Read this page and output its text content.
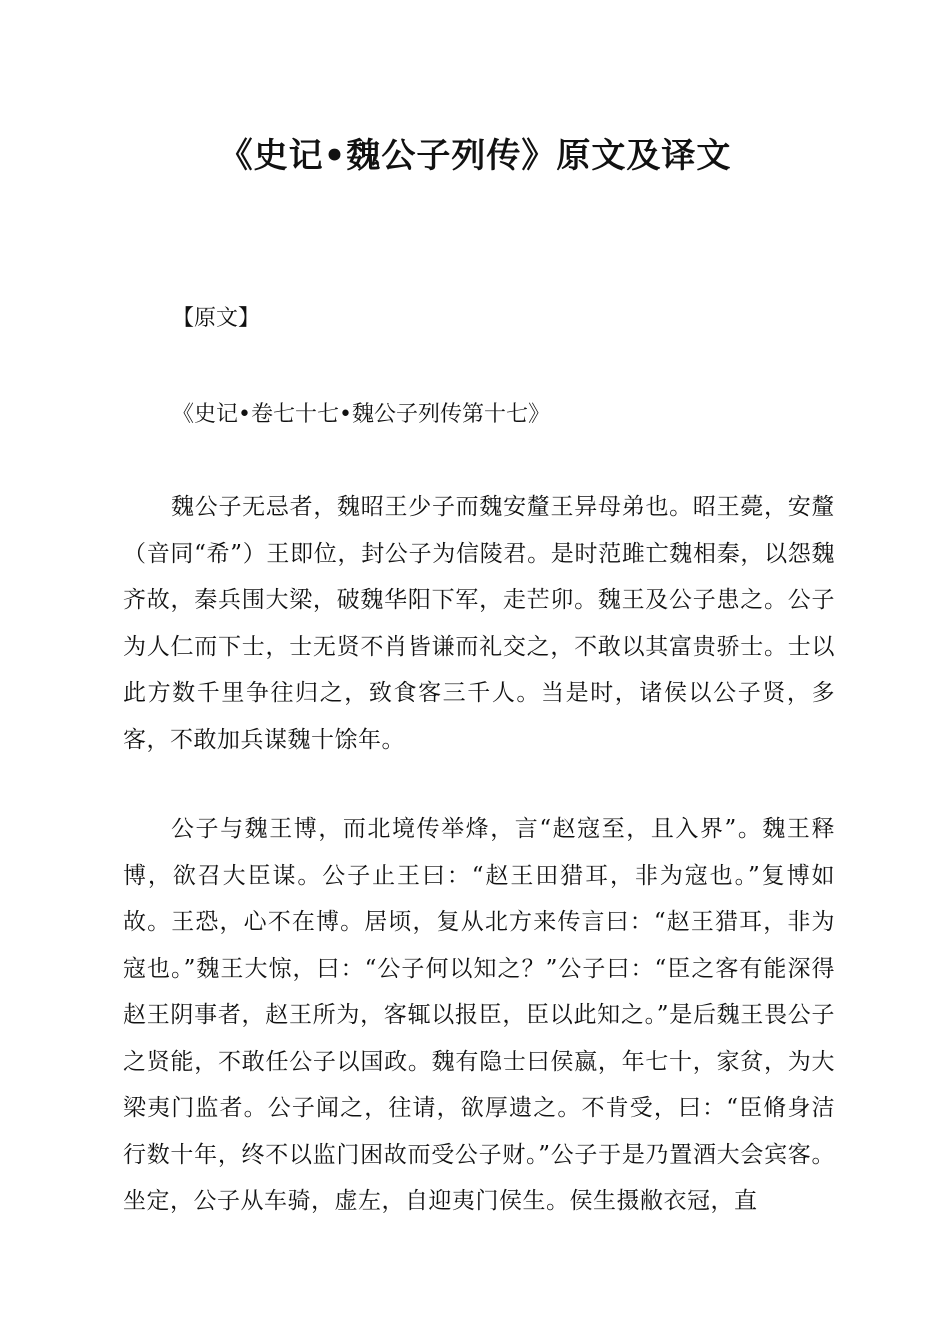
《史记•魏公子列传》原文及译文

【原文】

《史记•卷七十七•魏公子列传第十七》

魏公子无忌者，魏昭王少子而魏安釐王异母弟也。昭王薨，安釐（音同“希”）王即位，封公子为信陵君。是时范雎亡魏相秦，以怨魏齐故，秦兵围大梁，破魏华阳下军，走芒卯。魏王及公子患之。公子为人仁而下士，士无贤不肖皆谦而礼交之，不敢以其富贵骄士。士以此方数千里争往归之，致食客三千人。当是时，诸侯以公子贤，多客，不敢加兵谋魏十馀年。

公子与魏王博，而北境传举烽，言“赵寇至，且入界”。魏王释博，欲召大臣谋。公子止王曰：“赵王田猎耳，非为寇也。”复博如故。王恐，心不在博。居顷，复从北方来传言曰：“赵王猎耳，非为寇也。”魏王大惊，曰：“公子何以知之？”公子曰：“臣之客有能深得赵王阴事者，赵王所为，客辄以报臣，臣以此知之。”是后魏王畏公子之贤能，不敢任公子以国政。魏有隐士曰侯嬴，年七十，家贫，为大梁夷门监者。公子闻之，往请，欲厚遗之。不肯受，曰：“臣脩身洁行数十年，终不以监门困故而受公子财。”公子于是乃置酒大会宾客。坐定，公子从车骑，虚左，自迎夷门侯生。侯生摄敝衣冠，直
